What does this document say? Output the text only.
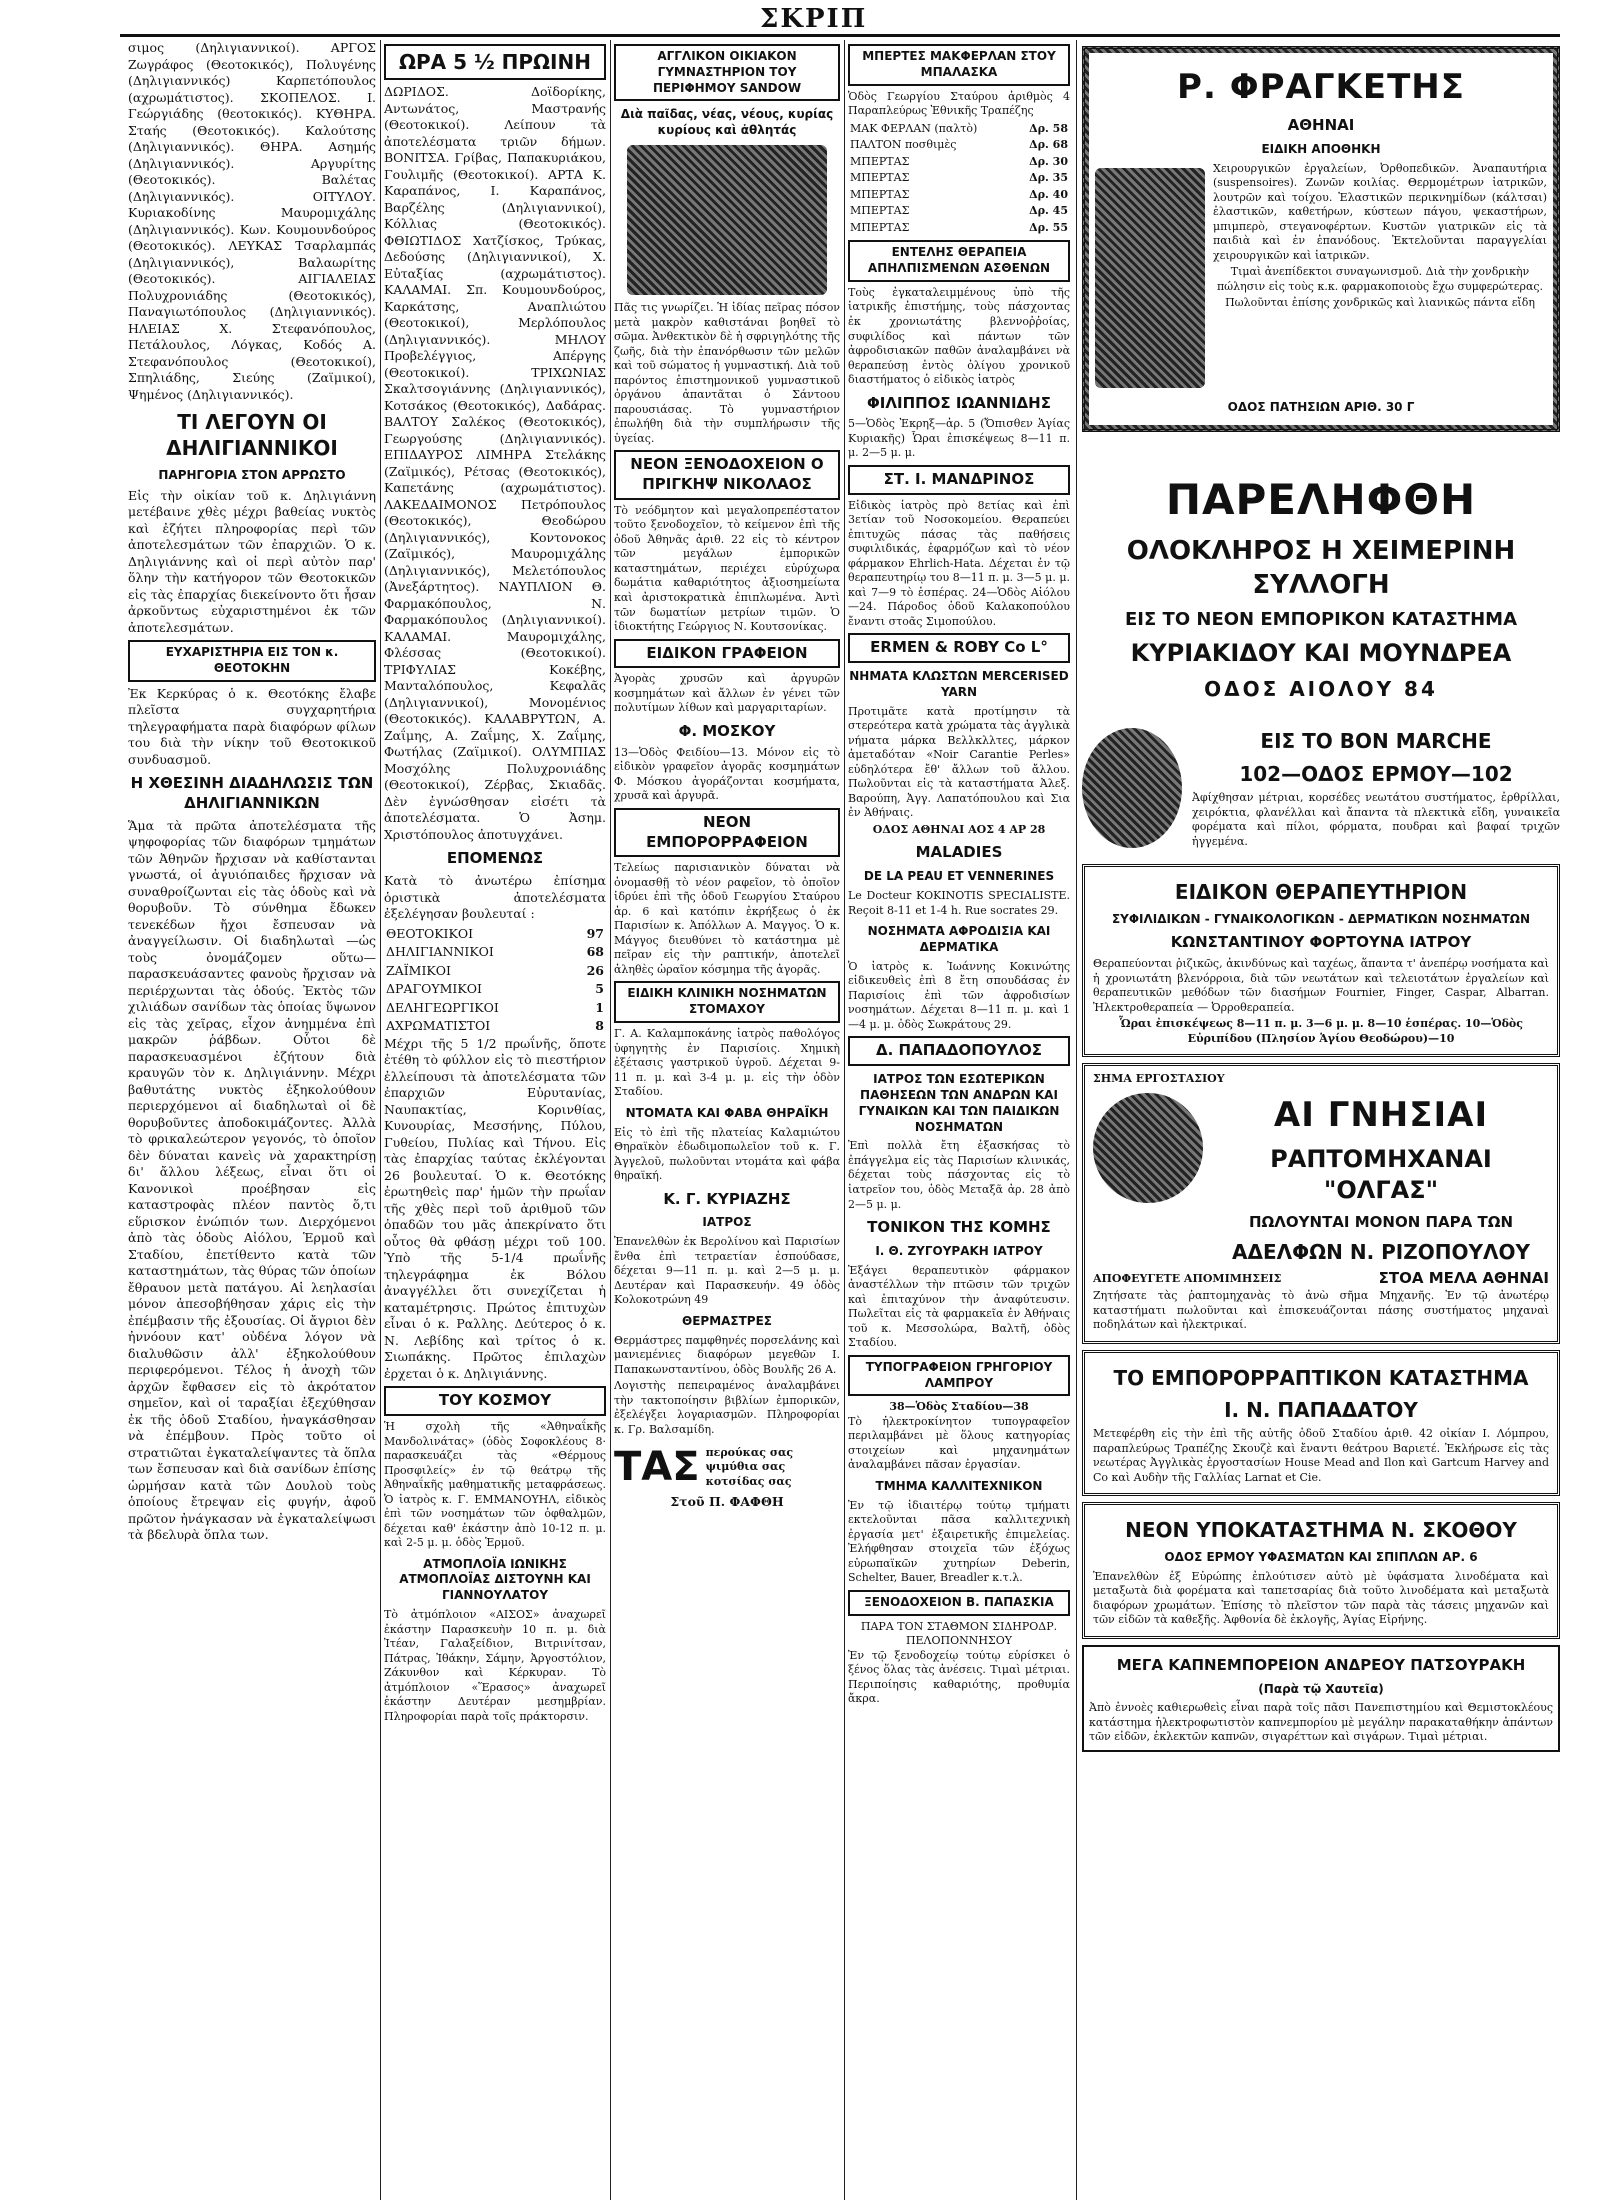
ΣΚΡΙΠ

σιμος (Δηλιγιαννικοί). ΑΡΓΟΣ Ζωγράφος (Θεοτοκικός), Πολυγένης (Δηλιγιαννικός) Καρπετόπουλος (αχρωμάτιστος). ΣΚΟΠΕΛΟΣ. Ι. Γεώργιάδης (θεοτοκικός). ΚΥΘΗΡΑ. Σταής (Θεοτοκικός). Καλούτσης (Δηλιγιαννικός). ΘΗΡΑ. Ασημής (Δηλιγιαννικός). Αργυρίτης (Θεοτοκικός). Βαλέτας (Δηλιγιαννικός). ΟΙΤΥΛΟΥ. Κυριακοδίνης Μαυρομιχάλης (Δηλιγιαννικός). Κων. Κουμουνδούρος (Θεοτοκικός). ΛΕΥΚΑΣ Τσαρλαμπάς (Δηλιγιαννικός), Βαλαωρίτης (Θεοτοκικός). ΑΙΓΙΑΛΕΙΑΣ Πολυχρονιάδης (Θεοτοκικός), Παναγιωτόπουλος (Δηλιγιαννικός). ΗΛΕΙΑΣ Χ. Στεφανόπουλος, Πετάλουλος, Λόγκας, Κοδός Α. Στεφανόπουλος (Θεοτοκικοί), Σπηλιάδης, Σιεύης (Ζαϊμικοί), Ψημένος (Δηλιγιαννικός).

ΤΙ ΛΕΓΟΥΝ ΟΙ ΔΗΛΙΓΙΑΝΝΙΚΟΙ
ΠΑΡΗΓΟΡΙΑ ΣΤΟΝ ΑΡΡΩΣΤΟ

Εἰς τὴν οἰκίαν τοῦ κ. Δηλιγιάννη μετέβαινε χθὲς μέχρι βαθείας νυκτὸς καὶ ἐζήτει πληροφορίας περὶ τῶν ἀποτελεσμάτων τῶν ἐπαρχιῶν. Ὁ κ. Δηλιγιάννης καὶ οἱ περὶ αὐτὸν παρ' ὅλην τὴν κατήγορον τῶν Θεοτοκικῶν εἰς τὰς ἐπαρχίας διεκείνοντο ὅτι ἦσαν ἀρκοῦντως εὐχαριστημένοι ἐκ τῶν ἀποτελεσμάτων.

ΕΥΧΑΡΙΣΤΗΡΙΑ ΕΙΣ ΤΟΝ κ. ΘΕΟΤΟΚΗΝ

Ἐκ Κερκύρας ὁ κ. Θεοτόκης ἔλαβε πλεῖστα συγχαρητήρια τηλεγραφήματα παρὰ διαφόρων φίλων του διὰ τὴν νίκην τοῦ Θεοτοκικοῦ συνδυασμοῦ.

Η ΧΘΕΣΙΝΗ ΔΙΑΔΗΛΩΣΙΣ ΤΩΝ ΔΗΛΙΓΙΑΝΝΙΚΩΝ

Ἅμα τὰ πρῶτα ἀποτελέσματα τῆς ψηφοφορίας τῶν διαφόρων τμημάτων τῶν Ἀθηνῶν ἤρχισαν νὰ καθίστανται γνωστά, οἱ ἀγυιόπαιδες ἤρχισαν νὰ συναθροίζωνται εἰς τὰς ὁδοὺς καὶ νὰ θορυβοῦν. Τὸ σύνθημα ἔδωκεν τενεκέδων ἤχοι ἔσπευσαν νὰ ἀναγγείλωσιν. Οἱ διαδηλωταὶ —ὡς τοὺς ὀνομάζομεν οὕτω— παρασκευάσαντες φανοὺς ἤρχισαν νὰ περιέρχωνται τὰς ὁδούς. Ἐκτὸς τῶν χιλιάδων σανίδων τὰς ὁποίας ὕψωνον εἰς τὰς χεῖρας, εἶχον ἀνημμένα ἐπὶ μακρῶν ῥάβδων. Οὗτοι δὲ παρασκευασμένοι ἐζήτουν διὰ κραυγῶν τὸν κ. Δηλιγιάννην. Μέχρι βαθυτάτης νυκτὸς ἐξηκολούθουν περιερχόμενοι αἱ διαδηλωταὶ οἱ δὲ θορυβοῦντες ἀποδοκιμάζοντες. Ἀλλὰ τὸ φρικαλεώτερον γεγονός, τὸ ὁποῖον δὲν δύναται κανεὶς νὰ χαρακτηρίσῃ δι' ἄλλου λέξεως, εἶναι ὅτι οἱ Κανονικοὶ προέβησαν εἰς καταστροφὰς πλέον παντὸς ὅ,τι εὕρισκον ἐνώπιόν των. Διερχόμενοι ἀπὸ τὰς ὁδοὺς Αἰόλου, Ἑρμοῦ καὶ Σταδίου, ἐπετίθεντο κατὰ τῶν καταστημάτων, τὰς θύρας τῶν ὁποίων ἔθραυον μετὰ πατάγου. Αἱ λεηλασίαι μόνον ἀπεσοβήθησαν χάρις εἰς τὴν ἐπέμβασιν τῆς ἐξουσίας. Οἱ ἄγριοι δὲν ἠννόουν κατ' οὐδένα λόγον νὰ διαλυθῶσιν ἀλλ' ἐξηκολούθουν περιφερόμενοι. Τέλος ἡ ἀνοχὴ τῶν ἀρχῶν ἔφθασεν εἰς τὸ ἀκρότατον σημεῖον, καὶ οἱ ταραξίαι ἐξεχύθησαν ἐκ τῆς ὁδοῦ Σταδίου, ἠναγκάσθησαν νὰ ἐπέμβουν. Πρὸς τοῦτο οἱ στρατιῶται ἐγκαταλείψαντες τὰ ὅπλα των ἔσπευσαν καὶ διὰ σανίδων ἐπίσης ὡρμήσαν κατὰ τῶν Δουλοὺ τοὺς ὁποίους ἔτρεψαν εἰς φυγήν, ἀφοῦ πρῶτον ἠνάγκασαν νὰ ἐγκαταλείψωσι τὰ βδελυρὰ ὅπλα των.

ΩΡΑ 5 ½ ΠΡΩΙΝΗ

ΔΩΡΙΔΟΣ. Δοϊδορίκης, Αντωνάτος, Μαστρανής (Θεοτοκικοί). Λείπουν τὰ ἀποτελέσματα τριῶν δήμων. ΒΟΝΙΤΣΑ. Γρίβας, Παπακυριάκου, Γουλιμῆς (Θεοτοκικοί). ΑΡΤΑ Κ. Καραπάνος, Ι. Καραπάνος, Βαρζέλης (Δηλιγιαννικοί), Κόλλιας (Θεοτοκικός). ΦΘΙΩΤΙΔΟΣ Χατζίσκος, Τρύκας, Δεδούσης (Δηλιγιαννικοί), Χ. Εὐταξίας (αχρωμάτιστος). ΚΑΛΑΜΑΙ. Σπ. Κουμουνδούρος, Καρκάτσης, Αναπλιώτου (Θεοτοκικοί), Μερλόπουλος (Δηλιγιαννικός). ΜΗΛΟΥ Προβελέγγιος, Απέργης (Θεοτοκικοί). ΤΡΙΧΩΝΙΑΣ Σκαλτσογιάννης (Δηλιγιαννικός), Κοτσάκος (Θεοτοκικός), Δαδάρας. ΒΑΛΤΟΥ Σαλέκος (Θεοτοκικός), Γεωργούσης (Δηλιγιαννικός). ΕΠΙΔΑΥΡΟΣ ΛΙΜΗΡΑ Στελάκης (Ζαϊμικός), Ρέτσας (Θεοτοκικός), Καπετάνης (αχρωμάτιστος). ΛΑΚΕΔΑΙΜΟΝΟΣ Πετρόπουλος (Θεοτοκικός), Θεοδώρου (Δηλιγιαννικός), Κοντονοκος (Ζαϊμικός), Μαυρομιχάλης (Δηλιγιαννικός), Μελετόπουλος (Ἀνεξάρτητος). ΝΑΥΠΛΙΟΝ Θ. Φαρμακόπουλος, Ν. Φαρμακόπουλος (Δηλιγιαννικοί). ΚΑΛΑΜΑΙ. Μαυρομιχάλης, Φλέσσας (Θεοτοκικοί). ΤΡΙΦΥΛΙΑΣ Κοκέβης, Μανταλόπουλος, Κεφαλᾶς (Δηλιγιαννικοί), Μονομένιος (Θεοτοκικός). ΚΑΛΑΒΡΥΤΩΝ, Α. Ζαΐμης, Α. Ζαΐμης, Χ. Ζαΐμης, Φωτήλας (Ζαϊμικοί). ΟΛΥΜΠΙΑΣ Μοσχόλης Πολυχρονιάδης (Θεοτοκικοί), Ζέρβας, Σκιαδᾶς. Δὲν ἐγνώσθησαν εἰσέτι τὰ ἀποτελέσματα. Ὁ Ἀσημ. Χριστόπουλος ἀποτυγχάνει.

ΕΠΟΜΕΝΩΣ

Κατὰ τὸ ἀνωτέρω ἐπίσημα ὁριστικὰ ἀποτελέσματα ἐξελέγησαν βουλευταί :

ΘΕΟΤΟΚΙΚΟΙ	97
ΔΗΛΙΓΙΑΝΝΙΚΟΙ	68
ΖΑΪΜΙΚΟΙ	26
ΔΡΑΓΟΥΜΙΚΟΙ	5
ΔΕΛΗΓΕΩΡΓΙΚΟΙ	1
ΑΧΡΩΜΑΤΙΣΤΟΙ	8

Μέχρι τῆς 5 1/2 πρωΐνῆς, ὅποτε ἐτέθη τὸ φύλλον εἰς τὸ πιεστήριον ἐλλείπουσι τὰ ἀποτελέσματα τῶν ἐπαρχιῶν Εὐρυτανίας, Ναυπακτίας, Κορινθίας, Κυνουρίας, Μεσσήνης, Πύλου, Γυθείου, Πυλίας καὶ Τήνου. Εἰς τὰς ἐπαρχίας ταύτας ἐκλέγονται 26 βουλευταί. Ὁ κ. Θεοτόκης ἐρωτηθεὶς παρ' ἡμῶν τὴν πρωΐαν τῆς χθὲς περὶ τοῦ ἀριθμοῦ τῶν ὀπαδῶν του μᾶς ἀπεκρίνατο ὅτι οὗτος θὰ φθάσῃ μέχρι τοῦ 100. Ὑπὸ τῆς 5-1/4 πρωΐνῆς τηλεγράφημα ἐκ Βόλου ἀναγγέλλει ὅτι συνεχίζεται ἡ καταμέτρησις. Πρώτος ἐπιτυχὼν εἶναι ὁ κ. Ραλλης. Δεύτερος ὁ κ. Ν. Λεβίδης καὶ τρίτος ὁ κ. Σιωπάκης. Πρῶτος ἐπιλαχὼν ἐρχεται ὁ κ. Δηλιγιάννης.

ΤΟΥ ΚΟΣΜΟΥ

Ἡ σχολὴ τῆς «Ἀθηναΐκῆς Μανδολινάτας» (ὁδὸς Σοφοκλέους 8· παρασκευάζει τὰς «Θέρμους Προσφιλείς» ἐν τῷ θεάτρῳ τῆς Ἀθηναΐκῆς μαθηματικῆς μεταφράσεως. Ὁ ἰατρὸς κ. Γ. ΕΜΜΑΝΟΥΗΛ, εἰδικὸς ἐπὶ τῶν νοσημάτων τῶν ὀφθαλμῶν, δέχεται καθ' ἑκάστην ἀπὸ 10-12 π. μ. καὶ 2-5 μ. μ. ὁδὸς Ἑρμοῦ.

ΑΤΜΟΠΛΟΪΑ ΙΩΝΙΚΗΣ ΑΤΜΟΠΛΟΪΑΣ ΔΙΣΤΟΥΝΗ ΚΑΙ ΓΙΑΝΝΟΥΛΑΤΟΥ

Τὸ ἀτμόπλοιον «ΑΙΣΟΣ» ἀναχωρεῖ ἐκάστην Παρασκευὴν 10 π. μ. διὰ Ἰτέαν, Γαλαξείδιον, Βιτρινίτσαν, Πάτρας, Ἰθάκην, Σάμην, Ἀργοστόλιον, Ζάκυνθον καὶ Κέρκυραν. Τὸ ἀτμόπλοιον «Ἕρασος» ἀναχωρεῖ ἑκάστην Δευτέραν μεσημβρίαν. Πληροφορίαι παρὰ τοῖς πράκτορσιν.

ΑΓΓΛΙΚΟΝ ΟΙΚΙΑΚΟΝ ΓΥΜΝΑΣΤΗΡΙΟΝ ΤΟΥ ΠΕΡΙΦΗΜΟΥ SANDOW
Διὰ παῖδας, νέας, νέους, κυρίας κυρίους καὶ ἀθλητάς

Πᾶς τις γνωρίζει. Ἡ ἰδίας πεῖρας πόσον μετὰ μακρὸν καθιστάναι βοηθεῖ τὸ σῶμα. Ἀνθεκτικὸν δὲ ἡ σφριγηλότης τῆς ζωῆς, διὰ τὴν ἐπανόρθωσιν τῶν μελῶν καὶ τοῦ σώματος ἡ γυμναστική. Διὰ τοῦ παρόντος ἐπιστημονικοῦ γυμναστικοῦ ὀργάνου ἀπαντᾶται ὁ Σάντοου παρουσιάσας. Τὸ γυμναστήριον ἐπωλήθη διὰ τὴν συμπλήρωσιν τῆς ὑγείας.

ΝΕΟΝ ΞΕΝΟΔΟΧΕΙΟΝ Ο ΠΡΙΓΚΗΨ ΝΙΚΟΛΑΟΣ

Τὸ νεόδμητον καὶ μεγαλοπρεπέστατον τοῦτο ξενοδοχεῖον, τὸ κείμενον ἐπὶ τῆς ὁδοῦ Ἀθηνᾶς ἀριθ. 22 εἰς τὸ κέντρον τῶν μεγάλων ἐμπορικῶν καταστημάτων, περιέχει εὐρύχωρα δωμάτια καθαριότητος ἀξιοσημείωτα καὶ ἀριστοκρατικὰ ἐπιπλωμένα. Ἀντὶ τῶν δωματίων μετρίων τιμῶν. Ὁ ἰδιοκτήτης Γεώργιος Ν. Κουτσονίκας.

ΕΙΔΙΚΟΝ ΓΡΑΦΕΙΟΝ

Ἀγορὰς χρυσῶν καὶ ἀργυρῶν κοσμημάτων καὶ ἄλλων ἐν γένει τῶν πολυτίμων λίθων καὶ μαργαριταρίων.

Φ. ΜΟΣΚΟΥ

13—Ὁδὸς Φειδίου—13. Μόνον εἰς τὸ εἰδικὸν γραφεῖον ἀγορᾶς κοσμημάτων Φ. Μόσκου ἀγοράζονται κοσμήματα, χρυσᾶ καὶ ἀργυρᾶ.

ΝΕΟΝ ΕΜΠΟΡΟΡΡΑΦΕΙΟΝ

Τελείως παρισιανικὸν δύναται νὰ ὀνομασθῇ τὸ νέον ραφεῖον, τὸ ὁποῖον ἱδρύει ἐπὶ τῆς ὁδοῦ Γεωργίου Σταύρου ἀρ. 6 καὶ κατόπιν ἐκρήξεως ὁ ἐκ Παρισίων κ. Ἀπόλλων Α. Μαγγος. Ὁ κ. Μάγγος διευθύνει τὸ κατάστημα μὲ πεῖραν εἰς τὴν ραπτικήν, ἀποτελεῖ ἀληθὲς ὡραῖον κόσμημα τῆς ἀγορᾶς.

ΕΙΔΙΚΗ ΚΛΙΝΙΚΗ ΝΟΣΗΜΑΤΩΝ ΣΤΟΜΑΧΟΥ

Γ. Α. Καλαμποκάνης ἰατρὸς παθολόγος ὑφηγητὴς ἐν Παρισίοις. Χημικὴ ἐξέτασις γαστρικοῦ ὑγροῦ. Δέχεται 9-11 π. μ. καὶ 3-4 μ. μ. εἰς τὴν ὁδὸν Σταδίου.

ΝΤΟΜΑΤΑ ΚΑΙ ΦΑΒΑ ΘΗΡΑΪΚΗ

Εἰς τὸ ἐπὶ τῆς πλατείας Καλαμιώτου Θηραϊκὸν ἐδωδιμοπωλεῖον τοῦ κ. Γ. Ἀγγελοῦ, πωλοῦνται ντομάτα καὶ φάβα θηραϊκή.

Κ. Γ. ΚΥΡΙΑΖΗΣ
ΙΑΤΡΟΣ

Ἐπανελθὼν ἐκ Βερολίνου καὶ Παρισίων ἔνθα ἐπὶ τετραετίαν ἐσπούδασε, δέχεται 9—11 π. μ. καὶ 2—5 μ. μ. Δευτέραν καὶ Παρασκευήν. 49 ὁδὸς Κολοκοτρώνη 49

ΘΕΡΜΑΣΤΡΕΣ

Θερμάστρες παμφθηνές πορσελάνης καὶ μανιεμένιες διαφόρων μεγεθῶν Ι. Παπακωνσταντίνου, ὁδὸς Βουλῆς 26 Α.

Λογιστὴς πεπειραμένος ἀναλαμβάνει τὴν τακτοποίησιν βιβλίων ἐμπορικῶν, ἐξελέγξει λογαριασμῶν. Πληροφορίαι κ. Γρ. Βαλσαμίδη.

ΤΑΣ περούκας σας
ψιμύθια σας
κοτσίδας σας
Στοῦ Π. ΦΑΦΘΗ
ΜΠΕΡΤΕΣ ΜΑΚΦΕΡΛΑΝ ΣΤΟΥ ΜΠΑΛΑΣΚΑ

Ὁδὸς Γεωργίου Σταύρου ἀριθμὸς 4 Παραπλεύρως Ἐθνικῆς Τραπέζης

ΜΑΚ ΦΕΡΛΑΝ (παλτὸ)	Δρ. 58
ΠΑΛΤΟΝ ποσθιμὲς	Δρ. 68
ΜΠΕΡΤΑΣ	Δρ. 30
ΜΠΕΡΤΑΣ	Δρ. 35
ΜΠΕΡΤΑΣ	Δρ. 40
ΜΠΕΡΤΑΣ	Δρ. 45
ΜΠΕΡΤΑΣ	Δρ. 55
ΕΝΤΕΛΗΣ ΘΕΡΑΠΕΙΑ ΑΠΗΛΠΙΣΜΕΝΩΝ ΑΣΘΕΝΩΝ

Τοὺς ἐγκαταλειμμένους ὑπὸ τῆς ἰατρικῆς ἐπιστήμης, τοὺς πάσχοντας ἐκ χρονιωτάτης βλεννοῤῥοίας, συφιλίδος καὶ πάντων τῶν ἀφροδισιακῶν παθῶν ἀναλαμβάνει νὰ θεραπεύσῃ ἐντὸς ὀλίγου χρονικοῦ διαστήματος ὁ εἰδικὸς ἰατρὸς

ΦΙΛΙΠΠΟΣ ΙΩΑΝΝΙΔΗΣ

5—Ὁδὸς Ἐκρηξ—ἀρ. 5 (Ὄπισθεν Ἁγίας Κυριακῆς) Ὧραι ἐπισκέψεως 8—11 π. μ. 2—5 μ. μ.

ΣΤ. Ι. ΜΑΝΔΡΙΝΟΣ

Εἰδικὸς ἰατρὸς πρὸ 8ετίας καὶ ἐπὶ 3ετίαν τοῦ Νοσοκομείου. Θεραπεύει ἐπιτυχῶς πάσας τὰς παθήσεις συφιλιδικάς, ἐφαρμόζων καὶ τὸ νέον φάρμακον Ehrlich-Hata. Δέχεται ἐν τῷ θεραπευτηρίῳ του 8—11 π. μ. 3—5 μ. μ. καὶ 7—9 τὸ ἑσπέρας. 24—Ὁδὸς Αἰόλου—24. Πάροδος ὁδοῦ Καλακοπούλου ἔναντι στοᾶς Σιμοπούλου.

ERMEN & ROBY Co L°
ΝΗΜΑΤΑ ΚΛΩΣΤΩΝ MERCERISED YARN

Προτιμᾶτε κατὰ προτίμησιν τὰ στερεότερα κατὰ χρώματα τὰς ἀγγλικὰ νήματα μάρκα Βελλκλλτες, μάρκον ἀμεταδόταν «Noir Carantie Perles» εὐδηλότερα ἔθ' ἄλλων τοῦ ἄλλου. Πωλοῦνται εἰς τὰ καταστήματα Ἀλεξ. Βαρούπη, Ἀγγ. Λαπατόπουλου καὶ Σια ἐν Ἀθήναις.

ΟΔΟΣ ΑΘΗΝΑΙ ΑΟΣ 4 ΑΡ 28
MALADIES
DE LA PEAU ET VENNERINES

Le Docteur KOKINOTIS SPECIALISTE. Reçoit 8-11 et 1-4 h. Rue socrates 29.

ΝΟΣΗΜΑΤΑ ΑΦΡΟΔΙΣΙΑ ΚΑΙ ΔΕΡΜΑΤΙΚΑ

Ὁ ἰατρὸς κ. Ἰωάννης Κοκινώτης εἰδικευθεὶς ἐπὶ 8 ἔτη σπουδάσας ἐν Παρισίοις ἐπὶ τῶν ἀφροδισίων νοσημάτων. Δέχεται 8—11 π. μ. καὶ 1—4 μ. μ. ὁδὸς Σωκράτους 29.

Δ. ΠΑΠΑΔΟΠΟΥΛΟΣ
ΙΑΤΡΟΣ ΤΩΝ ΕΣΩΤΕΡΙΚΩΝ ΠΑΘΗΣΕΩΝ ΤΩΝ ΑΝΔΡΩΝ ΚΑΙ ΓΥΝΑΙΚΩΝ ΚΑΙ ΤΩΝ ΠΑΙΔΙΚΩΝ ΝΟΣΗΜΑΤΩΝ

Ἐπὶ πολλὰ ἔτη ἐξασκήσας τὸ ἐπάγγελμα εἰς τὰς Παρισίων κλινικάς, δέχεται τοὺς πάσχοντας εἰς τὸ ἰατρεῖον του, ὁδὸς Μεταξᾶ ἀρ. 28 ἀπὸ 2—5 μ. μ.

ΤΟΝΙΚΟΝ ΤΗΣ ΚΟΜΗΣ
Ι. Θ. ΖΥΓΟΥΡΑΚΗ ΙΑΤΡΟΥ

Ἐξάγει θεραπευτικὸν φάρμακον ἀναστέλλων τὴν πτῶσιν τῶν τριχῶν καὶ ἐπιταχύνον τὴν ἀναφύτευσιν. Πωλεῖται εἰς τὰ φαρμακεῖα ἐν Ἀθήναις τοῦ κ. Μεσσολώρα, Βαλτῆ, ὁδὸς Σταδίου.

ΤΥΠΟΓΡΑΦΕΙΟΝ ΓΡΗΓΟΡΙΟΥ ΛΑΜΠΡΟΥ
38—Ὁδὸς Σταδίου—38

Τὸ ἠλεκτροκίνητον τυπογραφεῖον περιλαμβάνει μὲ ὅλους κατηγορίας στοιχείων καὶ μηχανημάτων ἀναλαμβάνει πᾶσαν ἐργασίαν.

ΤΜΗΜΑ ΚΑΛΛΙΤΕΧΝΙΚΟΝ

Ἐν τῷ ἰδιαιτέρῳ τούτῳ τμήματι εκτελοῦνται πᾶσα καλλιτεχνικὴ ἐργασία μετ' ἐξαιρετικῆς ἐπιμελείας. Ἐλήφθησαν στοιχεῖα τῶν ἐξόχως εὐρωπαϊκῶν χυτηρίων Deberin, Schelter, Bauer, Breadler κ.τ.λ.

ΞΕΝΟΔΟΧΕΙΟΝ Β. ΠΑΠΑΣΚΙΑ
ΠΑΡΑ ΤΟΝ ΣΤΑΘΜΟΝ ΣΙΔΗΡΟΔΡ. ΠΕΛΟΠΟΝΝΗΣΟΥ

Ἐν τῷ ξενοδοχείῳ τούτῳ εὑρίσκει ὁ ξένος ὅλας τὰς ἀνέσεις. Τιμαὶ μέτριαι. Περιποίησις καθαριότης, προθυμία ἄκρα.

Ρ. ΦΡΑΓΚΕΤΗΣ
ΑΘΗΝΑΙ
ΕΙΔΙΚΗ ΑΠΟΘΗΚΗ

Χειρουργικῶν ἐργαλείων, Ὀρθοπεδικῶν. Ἀναπαυτήρια (suspensoires). Ζωνῶν κοιλίας. Θερμομέτρων ἰατρικῶν, λουτρῶν καὶ τοίχου. Ἐλαστικῶν περικνημίδων (κάλτσαι) ἐλαστικῶν, καθετήρων, κύστεων πάγου, ψεκαστήρων, μπιμπερὸ, στεγανοφέρτων. Κυστῶν γιατρικῶν εἰς τὰ παιδιὰ καὶ ἐν ἐπανόδους. Ἐκτελοῦνται παραγγελίαι χειρουργικῶν καὶ ἰατρικῶν.

Τιμαὶ ἀνεπίδεκτοι συναγωνισμοῦ. Διὰ τὴν χονδρικὴν πώλησιν εἰς τοὺς κ.κ. φαρμακοποιοὺς ἔχω συμφερώτερας.

Πωλοῦνται ἐπίσης χονδρικῶς καὶ λιανικῶς πάντα εἴδη

ΟΔΟΣ ΠΑΤΗΣΙΩΝ ΑΡΙΘ. 30 Γ
ΠΑΡΕΛΗΦΘΗ
ΟΛΟΚΛΗΡΟΣ Η ΧΕΙΜΕΡΙΝΗ ΣΥΛΛΟΓΗ
ΕΙΣ ΤΟ ΝΕΟΝ ΕΜΠΟΡΙΚΟΝ ΚΑΤΑΣΤΗΜΑ
ΚΥΡΙΑΚΙΔΟΥ ΚΑΙ ΜΟΥΝΔΡΕΑ
ΟΔΟΣ ΑΙΟΛΟΥ 84
ΕΙΣ ΤΟ BON MARCHE
102—ΟΔΟΣ ΕΡΜΟΥ—102

Ἀφίχθησαν μέτριαι, κορσέδες νεωτάτου συστήματος, ἐρθρίλλαι, χειρόκτια, φλανέλλαι καὶ ἄπαντα τὰ πλεκτικὰ εἴδη, γυναικεῖα φορέματα καὶ πίλοι, φόρματα, πουδραι καὶ βαφαί τριχῶν ἠγγεμένα.

ΕΙΔΙΚΟΝ ΘΕΡΑΠΕΥΤΗΡΙΟΝ
ΣΥΦΙΛΙΔΙΚΩΝ - ΓΥΝΑΙΚΟΛΟΓΙΚΩΝ - ΔΕΡΜΑΤΙΚΩΝ ΝΟΣΗΜΑΤΩΝ
ΚΩΝΣΤΑΝΤΙΝΟΥ ΦΟΡΤΟΥΝΑ ΙΑΤΡΟΥ

Θεραπεύονται ῥιζικῶς, ἀκινδύνως καὶ ταχέως, ἅπαντα τ' ἀνεπέρῳ νοσήματα καὶ ἡ χρονιωτάτη βλενόρροια, διὰ τῶν νεωτάτων καὶ τελειοτάτων ἐργαλείων καὶ θεραπευτικῶν μεθόδων τῶν διασήμων Fournier, Finger, Caspar, Albarran. Ἠλεκτροθεραπεία — Ὀρροθεραπεία.

Ὧραι ἐπισκέψεως 8—11 π. μ. 3—6 μ. μ. 8—10 ἑσπέρας. 10—Ὁδὸς Εὐριπίδου (Πλησίον Ἁγίου Θεοδώρου)—10

ΣΗΜΑ ΕΡΓΟΣΤΑΣΙΟΥ
ΑΙ ΓΝΗΣΙΑΙ
ΡΑΠΤΟΜΗΧΑΝΑΙ "ΟΛΓΑΣ"
ΠΩΛΟΥΝΤΑΙ ΜΟΝΟΝ ΠΑΡΑ ΤΩΝ
ΑΔΕΛΦΩΝ Ν. ΡΙΖΟΠΟΥΛΟΥ
ΑΠΟΦΕΥΓΕΤΕ ΑΠΟΜΙΜΗΣΕΙΣ	ΣΤΟΑ ΜΕΛΑ ΑΘΗΝΑΙ

Ζητήσατε τὰς ῥαπτομηχανὰς τὸ ἀνὼ σῆμα Μηχανῆς. Ἐν τῷ ἀνωτέρῳ καταστήματι πωλοῦνται καὶ ἐπισκευάζονται πάσης συστήματος μηχαναὶ ποδηλάτων καὶ ἠλεκτρικαί.

ΤΟ ΕΜΠΟΡΟΡΡΑΠΤΙΚΟΝ ΚΑΤΑΣΤΗΜΑ
Ι. Ν. ΠΑΠΑΔΑΤΟΥ

Μετεφέρθη εἰς τὴν ἐπὶ τῆς αὐτῆς ὁδοῦ Σταδίου ἀριθ. 42 οἰκίαν I. Λόμπρου, παραπλεύρως Τραπέζης Σκουζὲ καὶ ἔναντι θεάτρου Βαριετέ. Ἐκλήρωσε εἰς τὰς νεωτέρας Ἀγγλικὰς ἐργοστασίων House Mead and Ilon καὶ Gartcum Harvey and Co καὶ Αυδὴν τῆς Γαλλίας Larnat et Cie.

ΝΕΟΝ ΥΠΟΚΑΤΑΣΤΗΜΑ Ν. ΣΚΟΘΟΥ
ΟΔΟΣ ΕΡΜΟΥ ΥΦΑΣΜΑΤΩΝ ΚΑΙ ΣΠΙΠΛΩΝ ΑΡ. 6

Ἐπανελθὼν ἐξ Εὐρώπης ἐπλούτισεν αὐτὸ μὲ ὑφάσματα λινοδέματα καὶ μεταξωτὰ διὰ φορέματα καὶ ταπετσαρίας διὰ τοῦτο λινοδέματα καὶ μεταξωτὰ διαφόρων χρωμάτων. Ἐπίσης τὸ πλεῖστον τῶν παρὰ τὰς τάσεις μηχανῶν καὶ τῶν εἰδῶν τὰ καθεξῆς. Ἀφθονία δὲ ἐκλογῆς, Ἁγίας Εἰρήνης.

ΜΕΓΑ ΚΑΠΝΕΜΠΟΡΕΙΟΝ ΑΝΔΡΕΟΥ ΠΑΤΣΟΥΡΑΚΗ
(Παρὰ τῷ Χαυτεῖα)

Ἀπὸ ἐννοὲς καθιερωθεὶς εἶναι παρὰ τοῖς πᾶσι Πανεπιστημίου καὶ Θεμιστοκλέους κατάστημα ἡλεκτροφωτιστὸν καπνεμπορίου μὲ μεγάλην παρακαταθήκην ἁπάντων τῶν εἰδῶν, ἐκλεκτῶν καπνῶν, σιγαρέττων καὶ σιγάρων. Τιμαὶ μέτριαι.
